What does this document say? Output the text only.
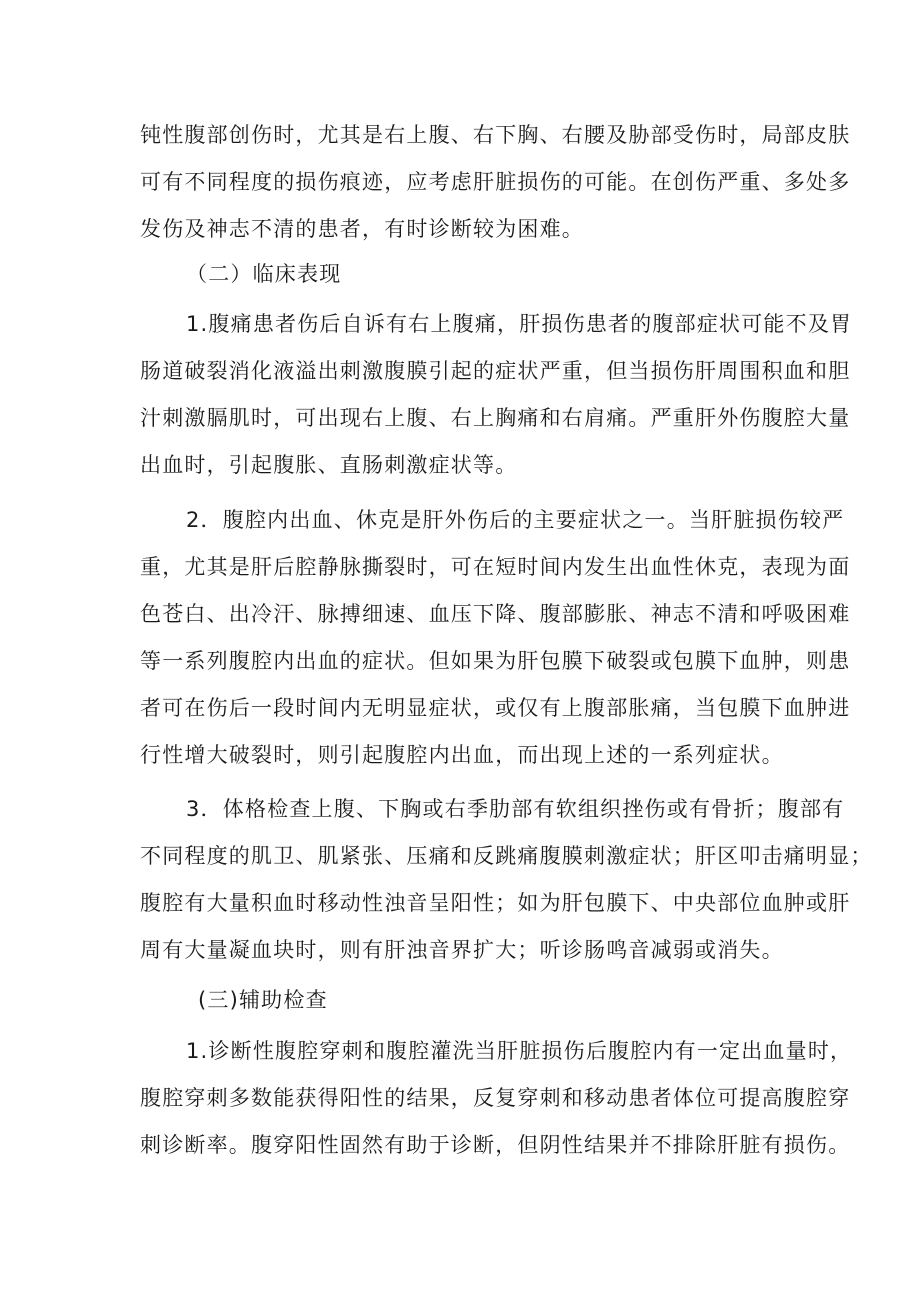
钝性腹部创伤时，尤其是右上腹、右下胸、右腰及胁部受伤时，局部皮肤
可有不同程度的损伤痕迹，应考虑肝脏损伤的可能。在创伤严重、多处多
发伤及神志不清的患者，有时诊断较为困难。
（二）临床表现
1.腹痛患者伤后自诉有右上腹痛，肝损伤患者的腹部症状可能不及胃
肠道破裂消化液溢出刺激腹膜引起的症状严重，但当损伤肝周围积血和胆
汁刺激膈肌时，可出现右上腹、右上胸痛和右肩痛。严重肝外伤腹腔大量
出血时，引起腹胀、直肠刺激症状等。
2．腹腔内出血、休克是肝外伤后的主要症状之一。当肝脏损伤较严
重，尤其是肝后腔静脉撕裂时，可在短时间内发生出血性休克，表现为面
色苍白、出冷汗、脉搏细速、血压下降、腹部膨胀、神志不清和呼吸困难
等一系列腹腔内出血的症状。但如果为肝包膜下破裂或包膜下血肿，则患
者可在伤后一段时间内无明显症状，或仅有上腹部胀痛，当包膜下血肿进
行性增大破裂时，则引起腹腔内出血，而出现上述的一系列症状。
3．体格检查上腹、下胸或右季肋部有软组织挫伤或有骨折；腹部有
不同程度的肌卫、肌紧张、压痛和反跳痛腹膜刺激症状；肝区叩击痛明显；
腹腔有大量积血时移动性浊音呈阳性；如为肝包膜下、中央部位血肿或肝
周有大量凝血块时，则有肝浊音界扩大；听诊肠鸣音减弱或消失。
(三)辅助检查
1.诊断性腹腔穿刺和腹腔灌洗当肝脏损伤后腹腔内有一定出血量时，
腹腔穿刺多数能获得阳性的结果，反复穿刺和移动患者体位可提高腹腔穿
刺诊断率。腹穿阳性固然有助于诊断，但阴性结果并不排除肝脏有损伤。
